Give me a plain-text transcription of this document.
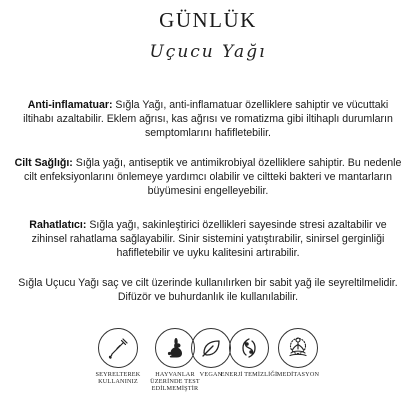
GÜNLÜK
Uçucu Yağı
Anti-inflamatuar: Sığla Yağı, anti-inflamatuar özelliklere sahiptir ve vücuttaki iltihabı azaltabilir. Eklem ağrısı, kas ağrısı ve romatizma gibi iltihaplı durumların semptomlarını hafifletebilir.
Cilt Sağlığı: Sığla yağı, antiseptik ve antimikrobiyal özelliklere sahiptir. Bu nedenle cilt enfeksiyonlarını önlemeye yardımcı olabilir ve ciltteki bakteri ve mantarların büyümesini engelleyebilir.
Rahatlatıcı: Sığla yağı, sakinleştirici özellikleri sayesinde stresi azaltabilir ve zihinsel rahatlama sağlayabilir. Sinir sistemini yatıştırabilir, sinirsel gerginliği hafifletebilir ve uyku kalitesini artırabilir.
Sığla Uçucu Yağı saç ve cilt üzerinde kullanılırken bir sabit yağ ile seyreltilmelidir.
Difüzör ve buhurdanlık ile kullanılabilir.
SEYRELTEREK KULLANINIZ
HAYVANLAR ÜZERİNDE TEST EDİLMEMİŞTİR
VEGAN
ENERJİ TEMİZLİĞİ MEDİTASYON
